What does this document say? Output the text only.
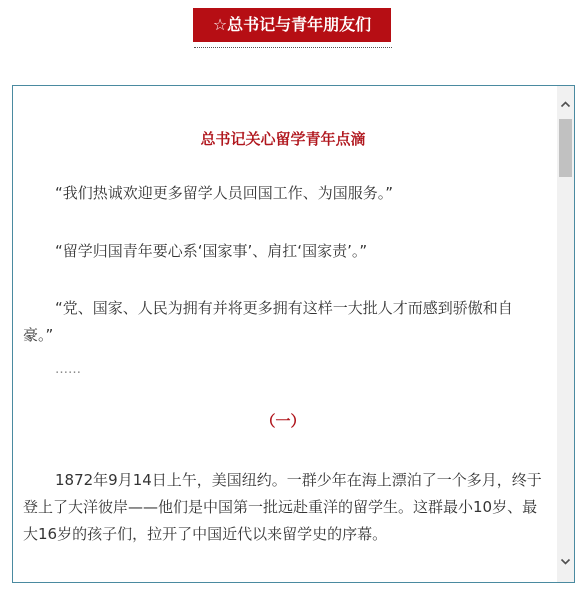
☆总书记与青年朋友们
总书记关心留学青年点滴

“我们热诚欢迎更多留学人员回国工作、为国服务。”

“留学归国青年要心系‘国家事’、肩扛‘国家责’。”

“党、国家、人民为拥有并将更多拥有这样一大批人才而感到骄傲和自豪。”

……

（一）

1872年9月14日上午，美国纽约。一群少年在海上漂泊了一个多月，终于登上了大洋彼岸——他们是中国第一批远赴重洋的留学生。这群最小10岁、最大16岁的孩子们，拉开了中国近代以来留学史的序幕。
